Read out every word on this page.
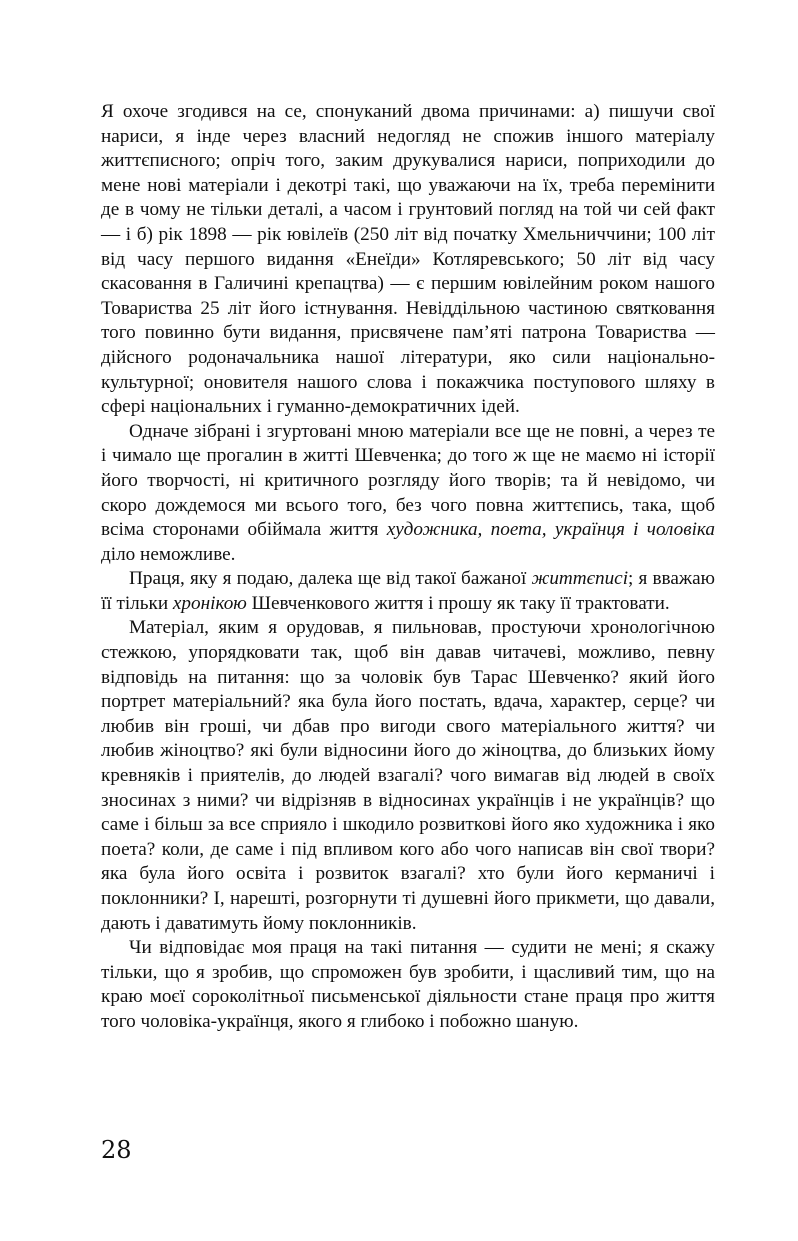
Я охоче згодився на се, спонуканий двома причинами: а) пишучи свої нариси, я інде через власний недогляд не спожив іншого матеріалу життєписного; опріч того, заким друкувалися нариси, поприходили до мене нові матеріали і декотрі такі, що уважаючи на їх, треба перемінити де в чому не тільки деталі, а часом і грунтовий погляд на той чи сей факт — і б) рік 1898 — рік ювілеїв (250 літ від початку Хмельниччини; 100 літ від часу першого видання «Енеїди» Котляревського; 50 літ від часу скасовання в Галичині крепацтва) — є першим ювілейним роком нашого Товариства 25 літ його істнування. Невіддільною частиною святковання того повинно бути видання, присвячене пам’яті патрона Товариства — дійсного родоначальника нашої літератури, яко сили національно-культурної; оновителя нашого слова і покажчика поступового шляху в сфері національних і гуманно-демократичних ідей.

Одначе зібрані і згуртовані мною матеріали все ще не повні, а через те і чимало ще прогалин в житті Шевченка; до того ж ще не маємо ні історії його творчості, ні критичного розгляду його творів; та й невідомо, чи скоро дождемося ми всього того, без чого повна життєпись, така, щоб всіма сторонами обіймала життя художника, поета, українця і чоловіка діло неможливе.

Праця, яку я подаю, далека ще від такої бажаної життєписі; я вважаю її тільки хронікою Шевченкового життя і прошу як таку її трактовати.

Матеріал, яким я орудовав, я пильновав, простуючи хронологічною стежкою, упорядковати так, щоб він давав читачеві, можливо, певну відповідь на питання: що за чоловік був Тарас Шевченко? який його портрет матеріальний? яка була його постать, вдача, характер, серце? чи любив він гроші, чи дбав про вигоди свого матеріального життя? чи любив жіноцтво? які були відносини його до жіноцтва, до близьких йому кревняків і приятелів, до людей взагалі? чого вимагав від людей в своїх зносинах з ними? чи відрізняв в відносинах українців і не українців? що саме і більш за все сприяло і шкодило розвиткові його яко художника і яко поета? коли, де саме і під впливом кого або чого написав він свої твори? яка була його освіта і розвиток взагалі? хто були його керманичі і поклонники? І, нарешті, розгорнути ті душевні його прикмети, що давали, дають і даватимуть йому поклонників.

Чи відповідає моя праця на такі питання — судити не мені; я скажу тільки, що я зробив, що спроможен був зробити, і щасливий тим, що на краю моєї сороколітньої письменської діяльности стане праця про життя того чоловіка-українця, якого я глибоко і побожно шаную.

28
